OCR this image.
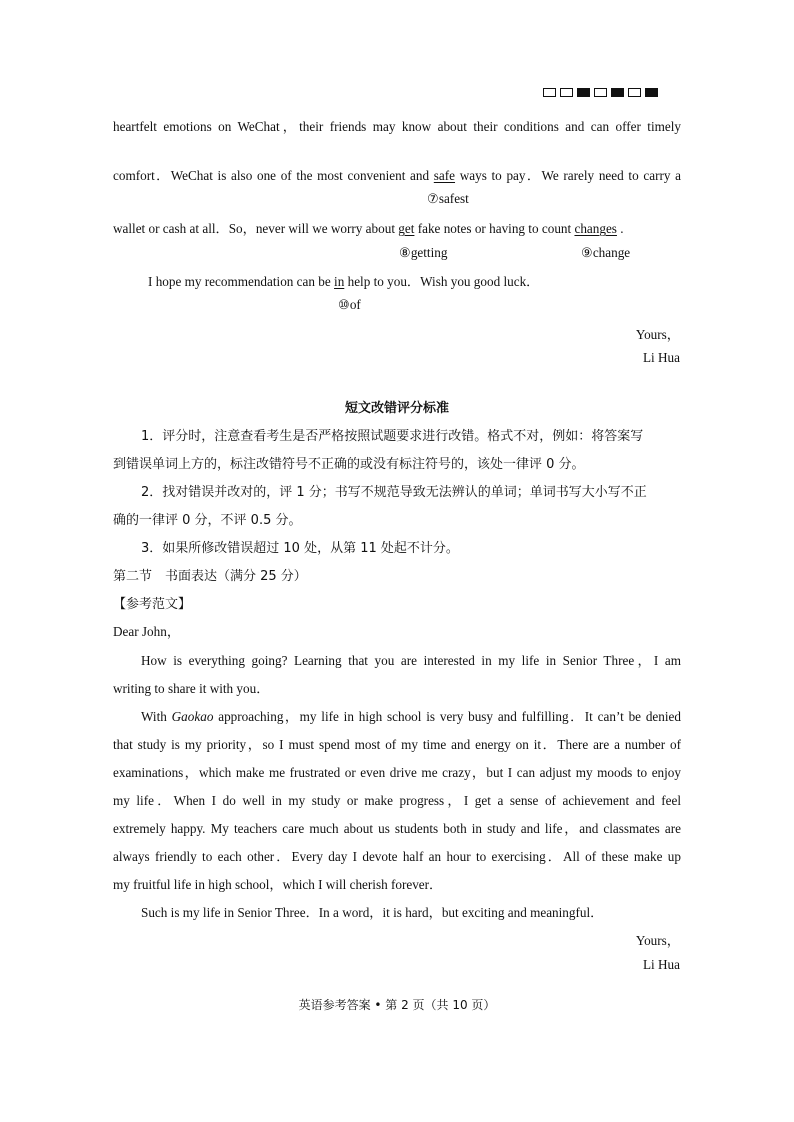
heartfelt emotions on WeChat，their friends may know about their conditions and can offer timely
comfort．WeChat is also one of the most convenient and safe ways to pay．We rarely need to carry a
⑦safest
wallet or cash at all．So，never will we worry about get fake notes or having to count changes .
⑧getting	⑨change
I hope my recommendation can be in help to you．Wish you good luck．
⑩of
Yours，
Li Hua
短文改错评分标准
1．评分时，注意查看考生是否严格按照试题要求进行改错。格式不对，例如：将答案写
到错误单词上方的，标注改错符号不正确的或没有标注符号的，该处一律评 0 分。
2．找对错误并改对的，评 1 分；书写不规范导致无法辨认的单词；单词书写大小写不正
确的一律评 0 分，不评 0.5 分。
3．如果所修改错误超过 10 处，从第 11 处起不计分。
第二节　书面表达（满分 25 分）
【参考范文】
Dear John，
How is everything going? Learning that you are interested in my life in Senior Three，I am
writing to share it with you．
With Gaokao approaching，my life in high school is very busy and fulfilling．It can’t be denied
that study is my priority，so I must spend most of my time and energy on it．There are a number of
examinations，which make me frustrated or even drive me crazy，but I can adjust my moods to enjoy
my life．When I do well in my study or make progress，I get a sense of achievement and feel
extremely happy. My teachers care much about us students both in study and life，and classmates are
always friendly to each other．Every day I devote half an hour to exercising．All of these make up
my fruitful life in high school，which I will cherish forever．
Such is my life in Senior Three．In a word，it is hard，but exciting and meaningful．
Yours，
Li Hua
英语参考答案 • 第 2 页（共 10 页）
